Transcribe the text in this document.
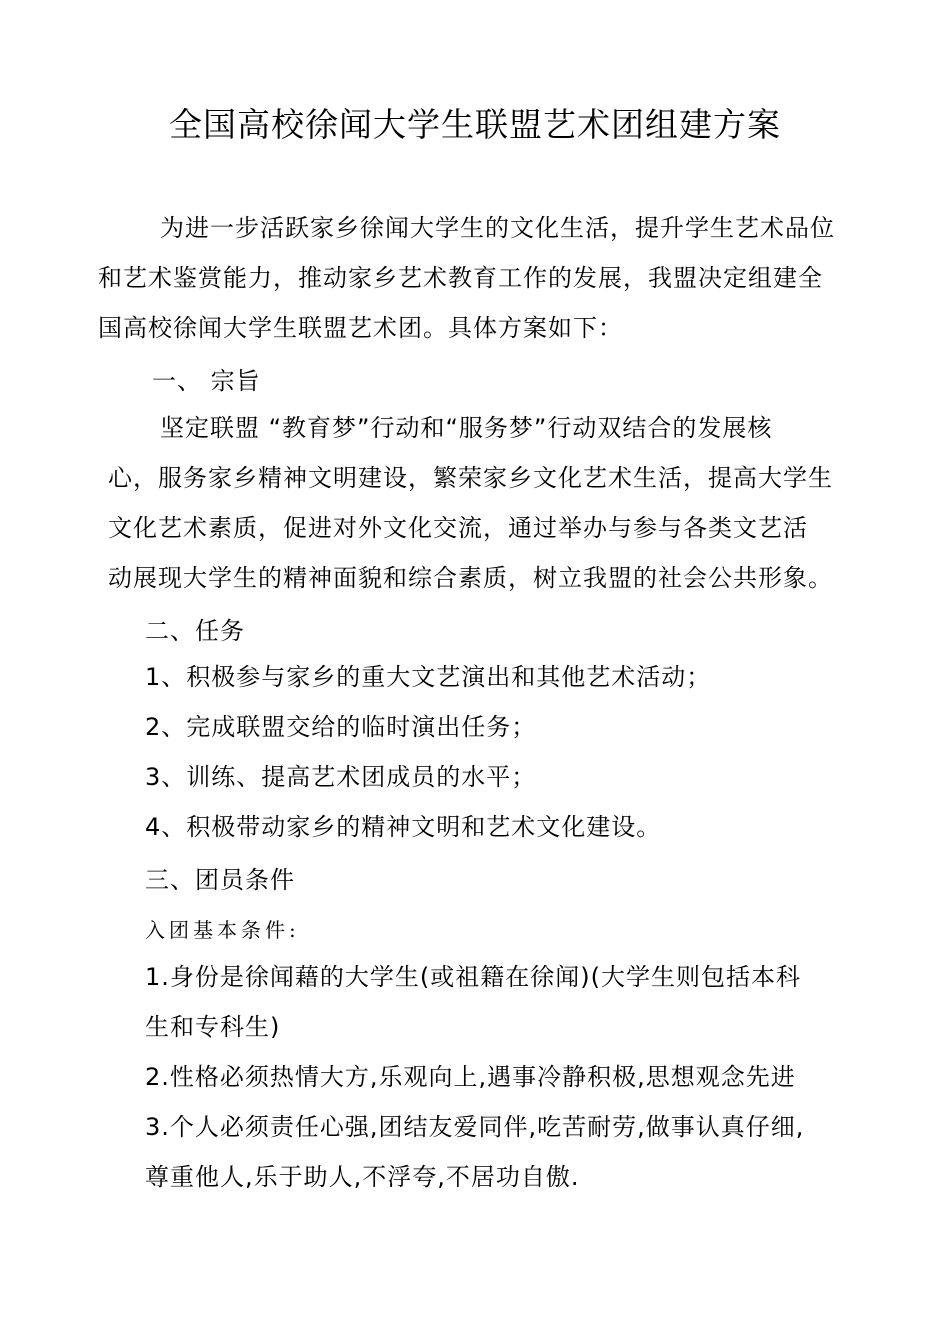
全国高校徐闻大学生联盟艺术团组建方案
为进一步活跃家乡徐闻大学生的文化生活，提升学生艺术品位
和艺术鉴赏能力，推动家乡艺术教育工作的发展，我盟决定组建全
国高校徐闻大学生联盟艺术团。具体方案如下：
一、 宗旨
坚定联盟 “教育梦”行动和“服务梦”行动双结合的发展核
心，服务家乡精神文明建设，繁荣家乡文化艺术生活，提高大学生
文化艺术素质，促进对外文化交流，通过举办与参与各类文艺活
动展现大学生的精神面貌和综合素质，树立我盟的社会公共形象。
二、任务
1、积极参与家乡的重大文艺演出和其他艺术活动；
2、完成联盟交给的临时演出任务；
3、训练、提高艺术团成员的水平；
4、积极带动家乡的精神文明和艺术文化建设。
三、团员条件
入团基本条件:
1.身份是徐闻藉的大学生(或祖籍在徐闻)(大学生则包括本科
生和专科生)
2.性格必须热情大方,乐观向上,遇事冷静积极,思想观念先进
3.个人必须责任心强,团结友爱同伴,吃苦耐劳,做事认真仔细,
尊重他人,乐于助人,不浮夸,不居功自傲.
